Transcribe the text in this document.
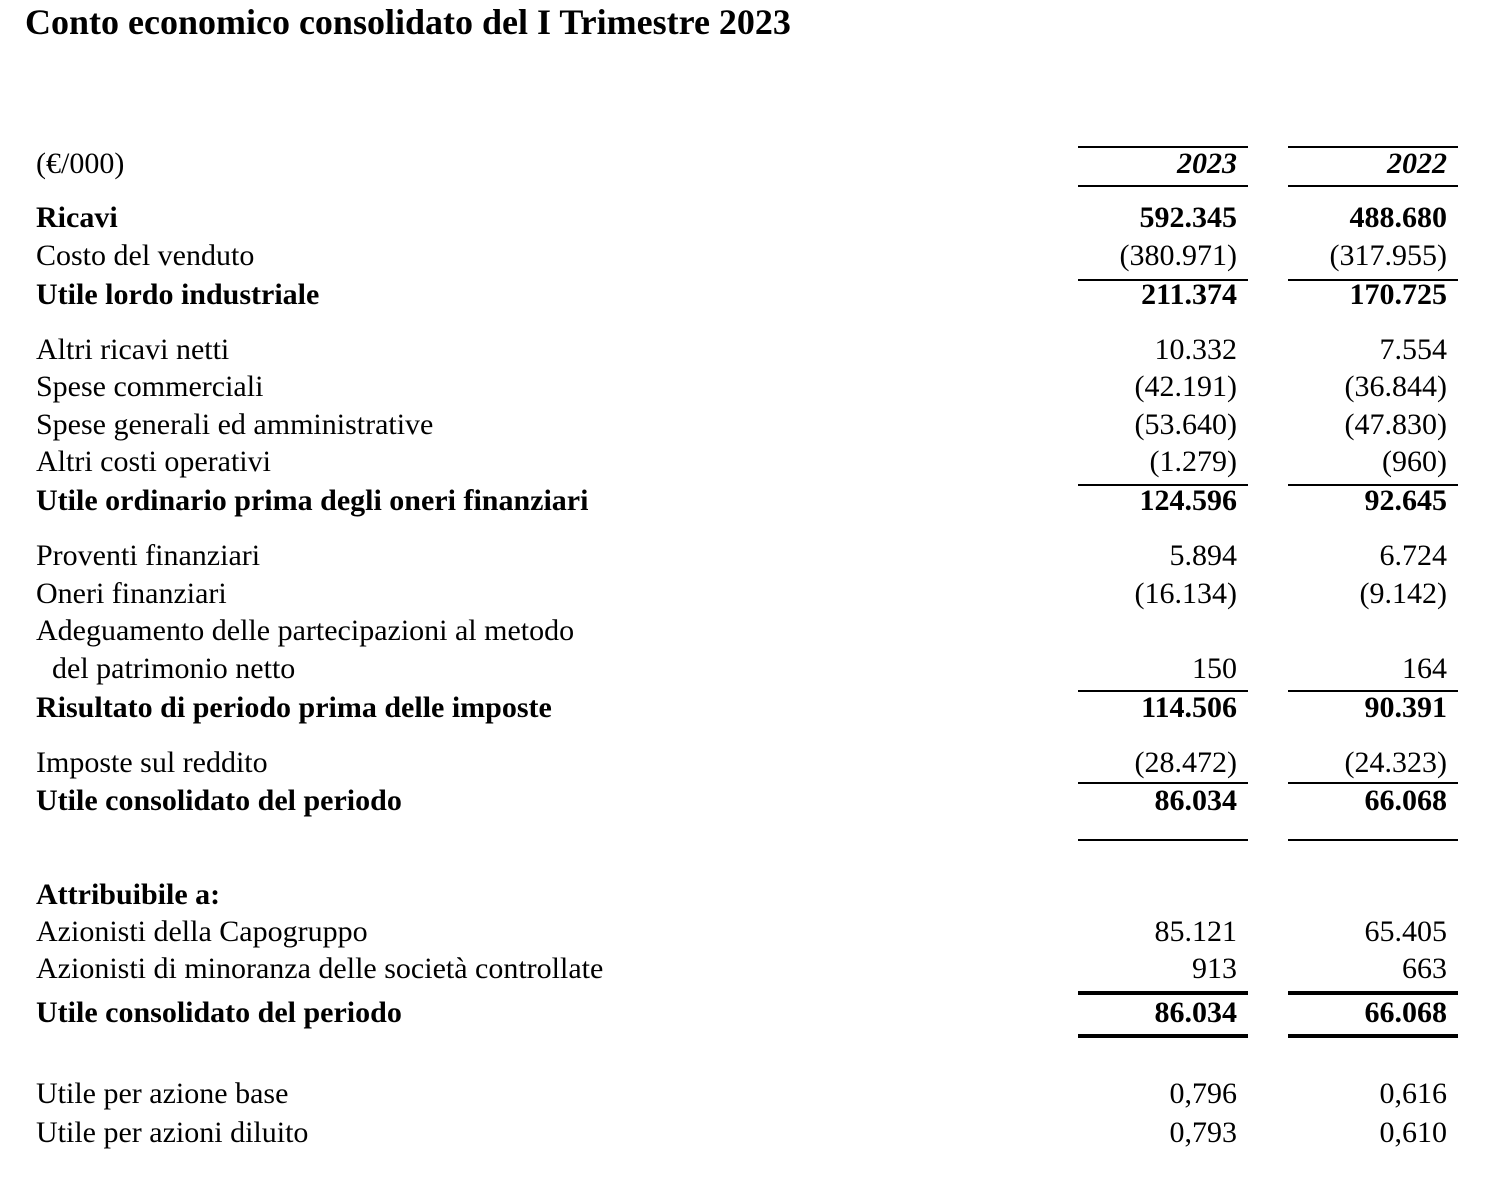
Conto economico consolidato del I Trimestre 2023
(€/000)	2023	2022
Ricavi	592.345	488.680
Costo del venduto	(380.971)	(317.955)
Utile lordo industriale	211.374	170.725
Altri ricavi netti	10.332	7.554
Spese commerciali	(42.191)	(36.844)
Spese generali ed amministrative	(53.640)	(47.830)
Altri costi operativi	(1.279)	(960)
Utile ordinario prima degli oneri finanziari	124.596	92.645
Proventi finanziari	5.894	6.724
Oneri finanziari	(16.134)	(9.142)
Adeguamento delle partecipazioni al metodo
del patrimonio netto	150	164
Risultato di periodo prima delle imposte	114.506	90.391
Imposte sul reddito	(28.472)	(24.323)
Utile consolidato del periodo	86.034	66.068
Attribuibile a:
Azionisti della Capogruppo	85.121	65.405
Azionisti di minoranza delle società controllate	913	663
Utile consolidato del periodo	86.034	66.068
Utile per azione base	0,796	0,616
Utile per azioni diluito	0,793	0,610
